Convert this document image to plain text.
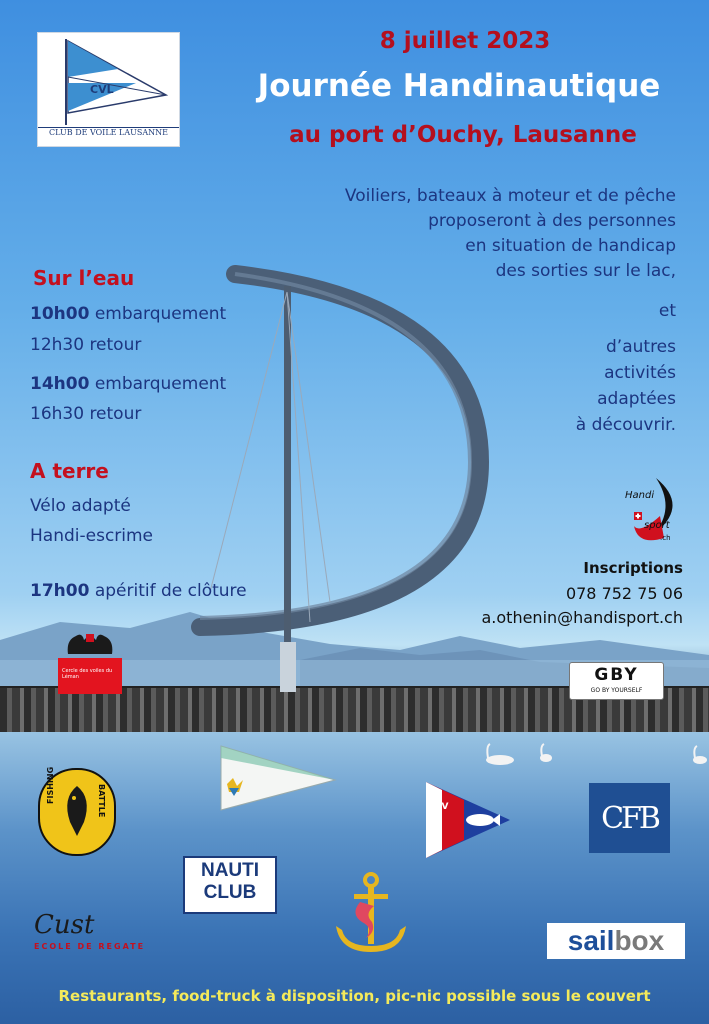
CVL
CLUB DE VOILE LAUSANNE

8 juillet 2023

Journée Handinautique

au port d’Ouchy, Lausanne

Voiliers, bateaux à moteur et de pêche
proposeront à des personnes
en situation de handicap
des sorties sur le lac,
et
d’autres
activités
adaptées
à découvrir.

Sur l’eau

10h00 embarquement

12h30 retour

14h00 embarquement

16h30 retour

A terre

Vélo adapté

Handi-escrime

17h00 apéritif de clôture

Handi
sport
.ch

Inscriptions

078 752 75 06

a.othenin@handisport.ch

Cercle des voiles du Léman	GBY
GO BY YOURSELF
FISHING	BATTLE	APV	CFB
NAUTI
CLUB
Cust
ECOLE DE REGATE	sail box

Restaurants, food-truck à disposition, pic-nic possible sous le couvert
